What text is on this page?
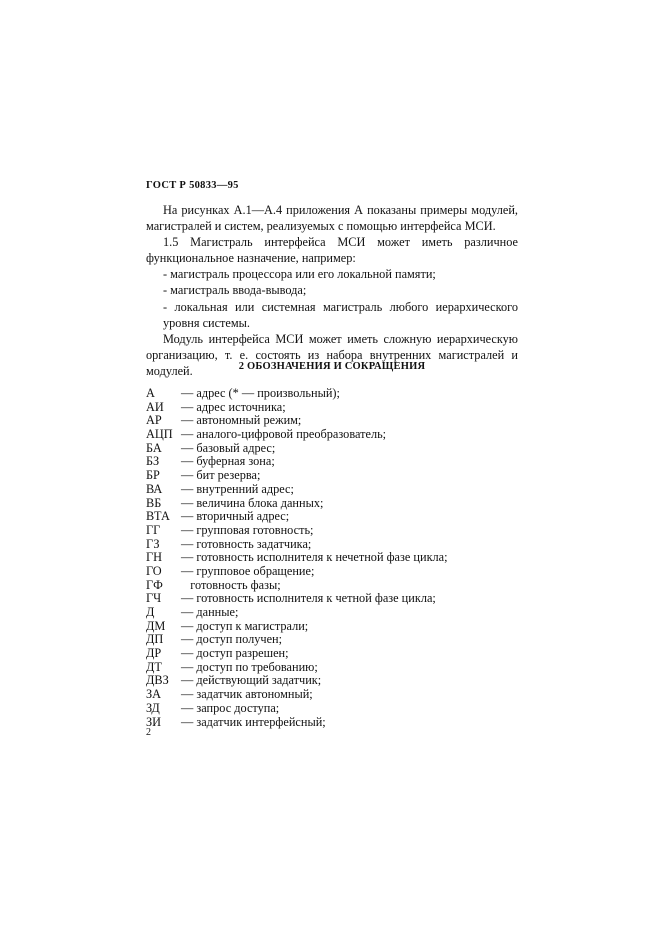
ГОСТ Р 50833—95

На рисунках А.1—А.4 приложения А показаны примеры модулей, магистралей и систем, реализуемых с помощью интерфейса МСИ.

1.5 Магистраль интерфейса МСИ может иметь различное функциональное назначение, например:

- магистраль процессора или его локальной памяти;

- магистраль ввода-вывода;

- локальная или системная магистраль любого иерархического уровня системы.

Модуль интерфейса МСИ может иметь сложную иерархическую организацию, т. е. состоять из набора внутренних магистралей и модулей.	2 ОБОЗНАЧЕНИЯ И СОКРАЩЕНИЯ
А	— адрес (* — произвольный);
АИ	— адрес источника;
АР	— автономный режим;
АЦП — аналого-цифровой преобразователь;
БА	— базовый адрес;
БЗ	— буферная зона;
БР	— бит резерва;
ВА	— внутренний адрес;
ВБ	— величина блока данных;
ВТА — вторичный адрес;
ГГ	— групповая готовность;
ГЗ	— готовность задатчика;
ГН	— готовность исполнителя к нечетной фазе цикла;
ГО	— групповое обращение;
ГФ	готовность фазы;
ГЧ	— готовность исполнителя к четной фазе цикла;
Д	— данные;
ДМ	— доступ к магистрали;
ДП	— доступ получен;
ДР	— доступ разрешен;
ДТ	— доступ по требованию;
ДВЗ — действующий задатчик;
ЗА	— задатчик автономный;
ЗД	— запрос доступа;
ЗИ	— задатчик интерфейсный;
2
